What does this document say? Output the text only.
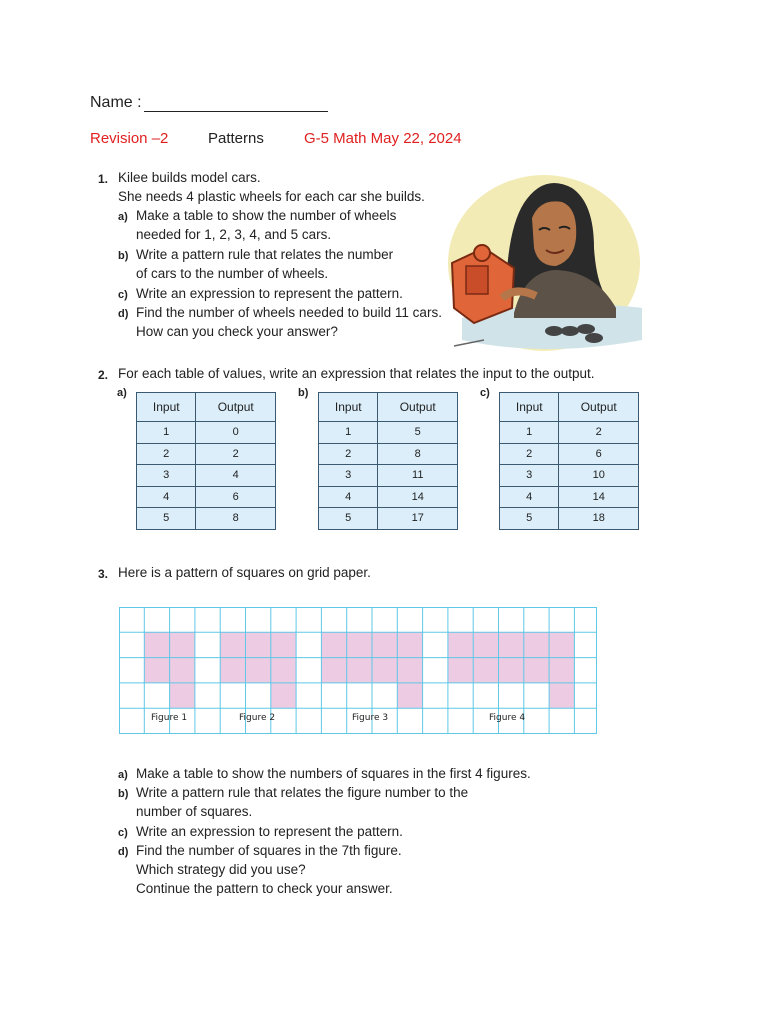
Name :
Revision –2	Patterns	G-5 Math May 22, 2024
1. Kilee builds model cars.
She needs 4 plastic wheels for each car she builds.
a) Make a table to show the number of wheels
needed for 1, 2, 3, 4, and 5 cars.
b) Write a pattern rule that relates the number
of cars to the number of wheels.
c) Write an expression to represent the pattern.
d) Find the number of wheels needed to build 11 cars.
How can you check your answer?
2. For each table of values, write an expression that relates the input to the output.
a)	b)	c)
Input	Output
1	0
2	2
3	4
4	6
5	8
Input	Output
1	5
2	8
3	11
4	14
5	17
Input	Output
1	2
2	6
3	10
4	14
5	18
3. Here is a pattern of squares on grid paper.
Figure 1	Figure 2	Figure 3	Figure 4
a) Make a table to show the numbers of squares in the first 4 figures.
b) Write a pattern rule that relates the figure number to the
number of squares.
c) Write an expression to represent the pattern.
d) Find the number of squares in the 7th figure.
Which strategy did you use?
Continue the pattern to check your answer.
